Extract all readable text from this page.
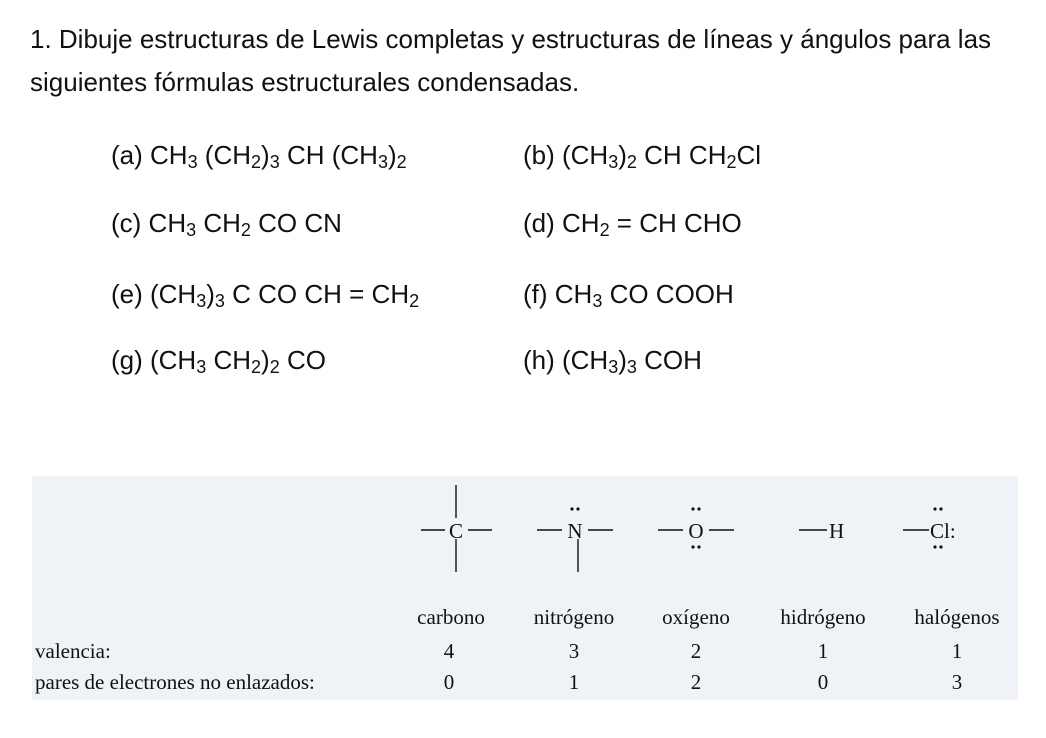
1. Dibuje estructuras de Lewis completas y estructuras de líneas y ángulos para las siguientes fórmulas estructurales condensadas.

(a) $CH_3$ $(CH_2)_3$ CH $(CH_3)_2$	(b) $(CH_3)_2$ CH $CH_2Cl$
(c) $CH_3$ $CH_2$ CO CN	(d) $CH_2$ = CH CHO
(e) $(CH_3)_3$ C CO CH = $CH_2$	(f) $CH_3$ CO COOH
(g) ($CH_3$ $CH_2)_2$ CO	(h) $(CH_3)_3$ COH
C	N	O	H	Cl:
carbono nitrógeno oxígeno hidrógeno halógenos
valencia:	4	3	2	1	1
pares de electrones no enlazados:	0	1	2	0	3
